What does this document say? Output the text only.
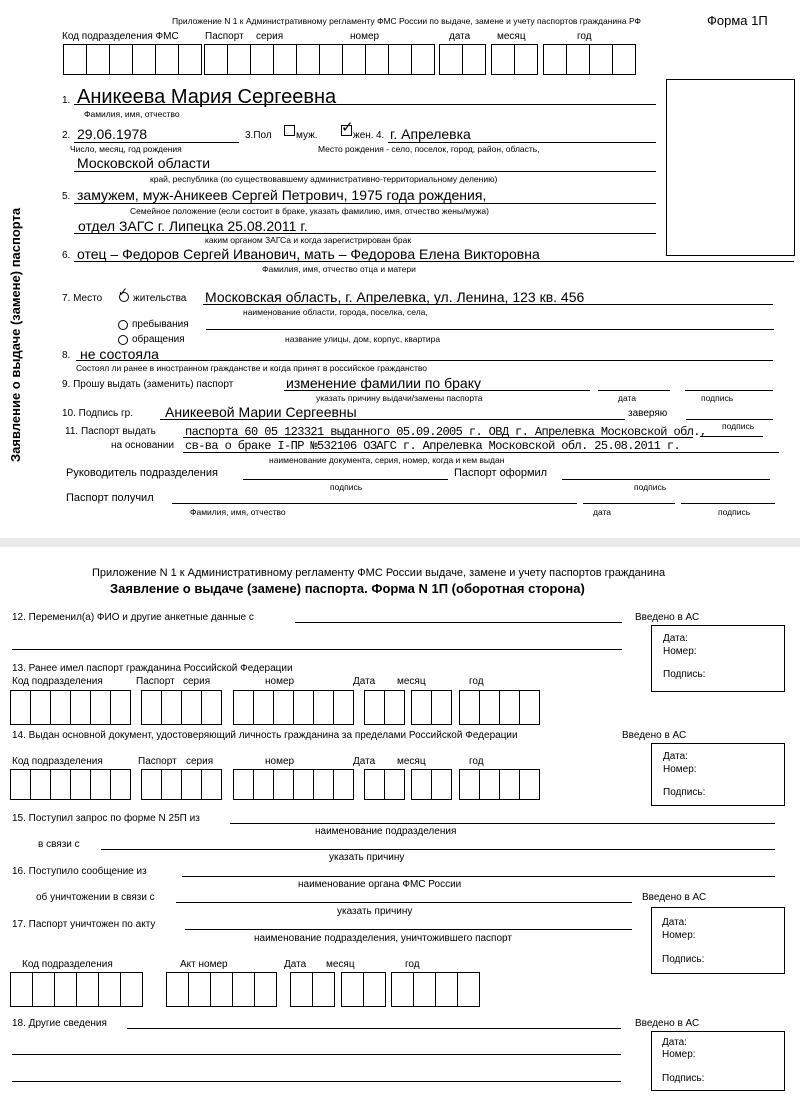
Приложение N 1 к Административному регламенту ФМС России по выдаче, замене и учету паспортов гражданина РФ	Форма 1П
Код подразделения ФМС	Паспорт серия	номер	дата	месяц	год
Заявление о выдаче (замене) паспорта
1. Аникеева Мария Сергеевна
Фамилия, имя, отчество
2. 29.06.1978	3.Пол муж. ✓ жен. 4. г. Апрелевка
Число, месяц, год рождения	Место рождения - село, поселок, город, район, область,
Московской области
край, республика (по существовавшему административно-территориальному делению)
5. замужем, муж-Аникеев Сергей Петрович, 1975 года рождения,
Семейное положение (если состоит в браке, указать фамилию, имя, отчество жены/мужа)
отдел ЗАГС г. Липецка 25.08.2011 г.
каким органом ЗАГСа и когда зарегистрирован брак
6. отец – Федоров Сергей Иванович, мать – Федорова Елена Викторовна
Фамилия, имя, отчество отца и матери
7. Место ✓ жительства Московская область, г. Апрелевка, ул. Ленина, 123 кв. 456
наименование области, города, поселка, села,
пребывания
обращения	название улицы, дом, корпус, квартира
8. не состояла
Состоял ли ранее в иностранном гражданстве и когда принят в российское гражданство
9. Прошу выдать (заменить) паспорт	изменение фамилии по браку
указать причину выдачи/замены паспорта	дата	подпись
10. Подпись гр. Аникеевой Марии Сергеевны	заверяю
подпись
11. Паспорт выдать паспорта 60 05 123321 выданного 05.09.2005 г. ОВД г. Апрелевка Московской обл.,
на основании св-ва о браке I-ПР №532106 ОЗАГС г. Апрелевка Московской обл. 25.08.2011 г.
наименование документа, серия, номер, когда и кем выдан
Руководитель подразделения	Паспорт оформил
подпись	подпись
Паспорт получил
Фамилия, имя, отчество	дата	подпись
Приложение N 1 к Административному регламенту ФМС России выдаче, замене и учету паспортов гражданина
Заявление о выдаче (замене) паспорта. Форма N 1П (оборотная сторона)
12. Переменил(а) ФИО и другие анкетные данные с	Введено в АС
Дата:
Номер:
Подпись:
13. Ранее имел паспорт гражданина Российской Федерации
Код подразделения	Паспорт серия	номер	Дата месяц	год
14. Выдан основной документ, удостоверяющий личность гражданина за пределами Российской Федерации	Введено в АС
Дата:
Номер:
Подпись:
Код подразделения	Паспорт серия	номер	Дата месяц	год
15. Поступил запрос по форме N 25П из
наименование подразделения
в связи с
указать причину
16. Поступило сообщение из
наименование органа ФМС России
об уничтожении в связи с
указать причину
Введено в АС
Дата:
Номер:
Подпись:
17. Паспорт уничтожен по акту
наименование подразделения, уничтожившего паспорт
Код подразделения	Акт номер	Дата месяц	год
18. Другие сведения	Введено в АС
Дата:
Номер:
Подпись:
